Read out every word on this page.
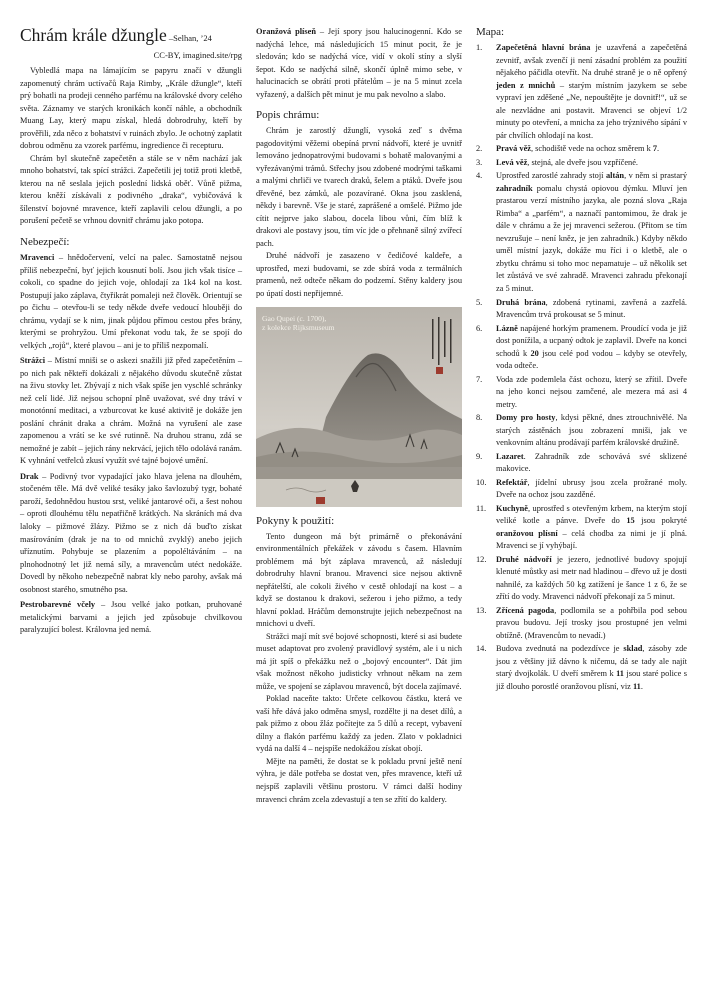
Chrám krále džungle –Selhan, ’24
CC-BY, imagined.site/rpg

Vybledlá mapa na lámajícím se papyru značí v džungli zapomenutý chrám uctívačů Raja Rimby, „Krále džungle“, kteří prý bohatli na prodeji cenného parfému na královské dvory celého světa. Záznamy ve starých kronikách končí náhle, a obchodník Muang Lay, který mapu získal, hledá dobrodruhy, kteří by prověřili, zda něco z bohatství v ruinách zbylo. Je ochotný zaplatit dobrou odměnu za vzorek parfému, ingredience či recepturu.

Chrám byl skutečně zapečetěn a stále se v něm nachází jak mnoho bohatství, tak spící strážci. Zapečetili jej totiž proti kletbě, kterou na ně seslala jejich poslední lidská oběť. Vůně pižma, kterou kněží získávali z podivného „draka“, vybičovává k šílenství bojovné mravence, kteří zaplavili celou džungli, a po porušení pečetě se vrhnou dovnitř chrámu jako potopa.

Nebezpečí:

Mravenci – hnědočervení, velcí na palec. Samostatně nejsou příliš nebezpeční, byť jejich kousnutí bolí. Jsou jich však tisíce – cokoli, co spadne do jejich voje, ohlodají za 1k4 kol na kost. Postupují jako záplava, čtyřikrát pomaleji než člověk. Orientují se po čichu – otevřou-li se tedy někde dveře vedoucí hlouběji do chrámu, vydají se k nim, jinak půjdou přímou cestou přes brány, kterými se prohryžou. Umí překonat vodu tak, že se spojí do velkých „rojů“, které plavou – ani je to příliš nezpomalí.

Strážci – Místní mniši se o askezi snažili již před zapečetěním – po nich pak někteří dokázali z nějakého důvodu skutečně zůstat na živu stovky let. Zbývají z nich však spíše jen vyschlé schránky než celí lidé. Již nejsou schopní plně uvažovat, své dny tráví v monotónní meditaci, a vzburcovat ke kusé aktivitě je dokáže jen poslání chránit draka a chrám. Možná na vyrušení ale zase zapomenou a vrátí se ke své rutinně. Na druhou stranu, zdá se nemožné je zabít – jejich rány nekrvácí, jejich tělo odolává ranám. K vyhnání vetřelců zkusí využít své tajné bojové umění.

Drak – Podivný tvor vypadající jako hlava jelena na dlouhém, stočeném těle. Má dvě veliké tesáky jako šavlozubý tygr, bohaté paroží, šedohnědou hustou srst, veliké jantarové oči, a šest nohou – oproti dlouhému tělu nepatřičně krátkých. Na skráních má dva laloky – pižmové žlázy. Pižmo se z nich dá buďto získat masírováním (drak je na to od mnichů zvyklý) anebo jejich uříznutím. Pohybuje se plazením a popoléltáváním – na plnohodnotný let již nemá síly, a mravencům utéct nedokáže. Dovedl by někoho nebezpečně nabrat kly nebo parohy, avšak má osobnost starého, smutného psa.

Pestrobarevné včely – Jsou velké jako potkan, pruhované metalickými barvami a jejich jed způsobuje chvilkovou paralyzující bolest. Královna jed nemá.

Oranžová plíseň – Její spory jsou halucinogenní. Kdo se nadýchá lehce, má následujících 15 minut pocit, že je sledován; kdo se nadýchá více, vidí v okolí stíny a slyší šepot. Kdo se nadýchá silně, skončí úplně mimo sebe, v halucinacích se obrátí proti přátelům – je na 5 minut zcela vyřazený, a dalších pět minut je mu pak nevolno a slabo.

Popis chrámu:

Chrám je zarostlý džunglí, vysoká zeď s dvěma pagodovitými věžemi obepíná první nádvoří, které je uvnitř lemováno jednopatrovými budovami s bohatě malovanými a vyřezávanými trámů. Střechy jsou zdobené modrými taškami a malými chrliči ve tvarech draků, šelem a ptáků. Dveře jsou dřevěné, bez zámků, ale pozavírané. Okna jsou zasklená, někdy i barevně. Vše je staré, zaprášené a omšelé. Pižmo jde cítit nejprve jako slabou, docela libou vůni, čím blíž k drakovi ale postavy jsou, tím víc jde o přehnaně silný zvířecí pach.

Druhé nádvoří je zasazeno v čedičové kaldeře, a uprostřed, mezi budovami, se zde sbírá voda z termálních pramenů, než odteče někam do podzemí. Stěny kaldery jsou po úpatí dosti nepřijemné.

Gao Qupei (c. 1700),
z kolekce Rijksmuseum
Pokyny k použití:

Tento dungeon má být primárně o překonávání environmentálních překážek v závodu s časem. Hlavním problémem má být záplava mravenců, až následují dobrodruhy hlavní branou. Mravenci sice nejsou aktivně nepřátelští, ale cokoli živého v cestě ohlodají na kost – a když se dostanou k drakovi, sežerou i jeho pižmo, a tedy hlavní poklad. Hráčům demonstrujte jejich nebezpečnost na mnichovi u dveří.

Strážci mají mít své bojové schopnosti, které si asi budete muset adaptovat pro zvolený pravidlový systém, ale i u nich má jít spíš o překážku než o „bojový encounter“. Dát jim však možnost někoho judisticky vrhnout někam na zem může, ve spojení se záplavou mravenců, být docela zajímavé.

Poklad naceňte takto: Určete celkovou částku, která ve vaší hře dává jako odměna smysl, rozdělte ji na deset dílů, a pak pižmo z obou žláz počítejte za 5 dílů a recept, vybavení dílny a flakón parfému každý za jeden. Zlato v pokladnici vydá na další 4 – nejspíše nedokážou získat obojí.

Mějte na paměti, že dostat se k pokladu první ještě není výhra, je dále potřeba se dostat ven, přes mravence, kteří už nejspíš zaplavili většinu prostoru. V rámci další hodiny mravenci chrám zcela zdevastují a ten se zřítí do kaldery.

Mapa:
1.	Zapečetěná hlavní brána je uzavřená a zapečetěná zevnitř, avšak zvenčí ji není zásadní problém za použití nějakého páčidla otevřít. Na druhé straně je o ně opřený jeden z mnichů – starým místním jazykem se sebe vypraví jen zděšené „Ne, nepouštějte je dovnitř!“, už se ale nezvládne ani postavit. Mravenci se objeví 1/2 minuty po otevření, a mnicha za jeho trýznivého sípání v pár chvílích ohlodají na kost.
2.	Pravá věž, schodiště vede na ochoz směrem k 7.
3.	Levá věž, stejná, ale dveře jsou vzpříčené.
4.	Uprostřed zarostlé zahrady stojí altán, v něm si prastarý zahradník pomalu chystá opiovou dýmku. Mluví jen prastarou verzí místního jazyka, ale pozná slova „Raja Rimba“ a „parfém“, a naznačí pantomimou, že drak je dále v chrámu a že jej mravenci sežerou. (Přitom se tím nevzrušuje – není kněz, je jen zahradník.) Kdyby někdo uměl místní jazyk, dokáže mu říci i o kletbě, ale o zbytku chrámu si toho moc nepamatuje – už několik set let zůstává ve své zahradě. Mravenci zahradu překonají za 5 minut.
5.	Druhá brána, zdobená rytinami, zavřená a zazřelá. Mravencům trvá prokousat se 5 minut.
6.	Lázně napájené horkým pramenem. Proudící voda je již dost ponížila, a ucpaný odtok je zaplavil. Dveře na konci schodů k 20 jsou celé pod vodou – kdyby se otevřely, voda odteče.
7.	Voda zde podemlela část ochozu, který se zřítil. Dveře na jeho konci nejsou zamčené, ale mezera má asi 4 metry.
8.	Domy pro hosty, kdysi pěkné, dnes ztrouchnivělé. Na starých zástěnách jsou zobrazení mniši, jak ve venkovním altánu prodávají parfém královské družině.
9.	Lazaret. Zahradník zde schovává své sklizené makovice.
10.	Refektář, jídelní ubrusy jsou zcela prožrané moly. Dveře na ochoz jsou zazděné.
11.	Kuchyně, uprostřed s otevřeným krbem, na kterým stojí veliké kotle a pánve. Dveře do 15 jsou pokryté oranžovou plísní – celá chodba za nimi je jí plná. Mravenci se jí vyhýbají.
12.	Druhé nádvoří je jezero, jednotlivé budovy spojují klenuté můstky asi metr nad hladinou – dřevo už je dosti nahnilé, za každých 50 kg zatížení je šance 1 z 6, že se zřítí do vody. Mravenci nádvoří překonají za 5 minut.
13.	Zřícená pagoda, podlomila se a pohřbila pod sebou pravou budovu. Její trosky jsou prostupné jen velmi obtížně. (Mravencům to nevadí.)
14.	Budova zvednutá na podezdívce je sklad, zásoby zde jsou z většiny již dávno k ničemu, dá se tady ale najít starý dvojkolák. U dveří směrem k 11 jsou staré police s již dlouho porostlé oranžovou plísní, viz 11.
